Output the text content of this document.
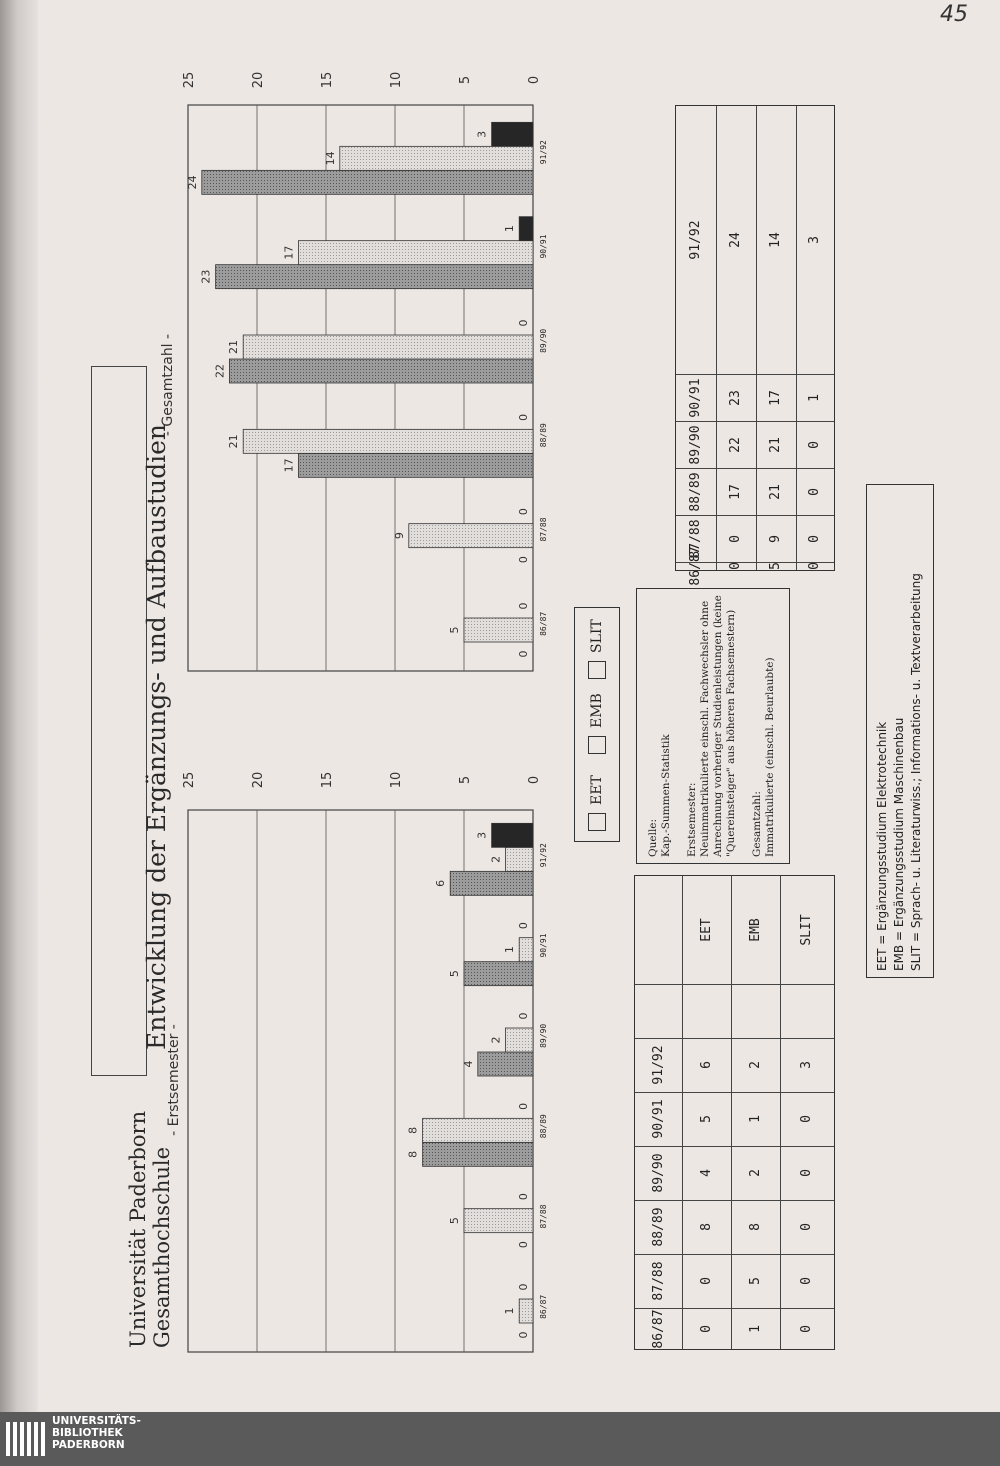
45
Universität Paderborn Gesamthochschule
Entwicklung der Ergänzungs- und Aufbaustudien	0
5
10
15
20
25
- Erstsemester -
86/87
0
1
0
87/88
0
5
0
88/89
8
8
0
89/90
4
2
0
90/91
5
1
0
91/92
6
2
3
0
5
10
15
20
25
- Gesamtzahl -
86/87
0
5
0
87/88
0
9
0
88/89
17
21
0
89/90
22
21
0
90/91
23
17
1
91/92
24
14
3
EET
EMB
SLIT
EET	EMB	SLIT
86/87	0	1	0
87/88	0	5	0
88/89	8	8	0
89/90	4	2	0
90/91	5	1	0
91/92	6	2	3
86/87 0 5 0
87/88 0 9 0
88/89 17 21 0
89/90 22 21 0
90/91 23 17 1
91/92 24 14 3
Quelle: Kap.-Summen-Statistik Erstsemester: Neuimmatrikulierte einschl. Fachwechsler ohne Anrechnung vorheriger Studienleistungen (keine "Quereinsteiger" aus höheren Fachsemestern) Gesamtzahl: Immatrikulierte (einschl. Beurlaubte)	EET = Ergänzungsstudium Elektrotechnik EMB = Ergänzungsstudium Maschinenbau SLIT = Sprach- u. Literaturwiss.; Informations- u. Textverarbeitung
UNIVERSITÄTS-
BIBLIOTHEK
PADERBORN
